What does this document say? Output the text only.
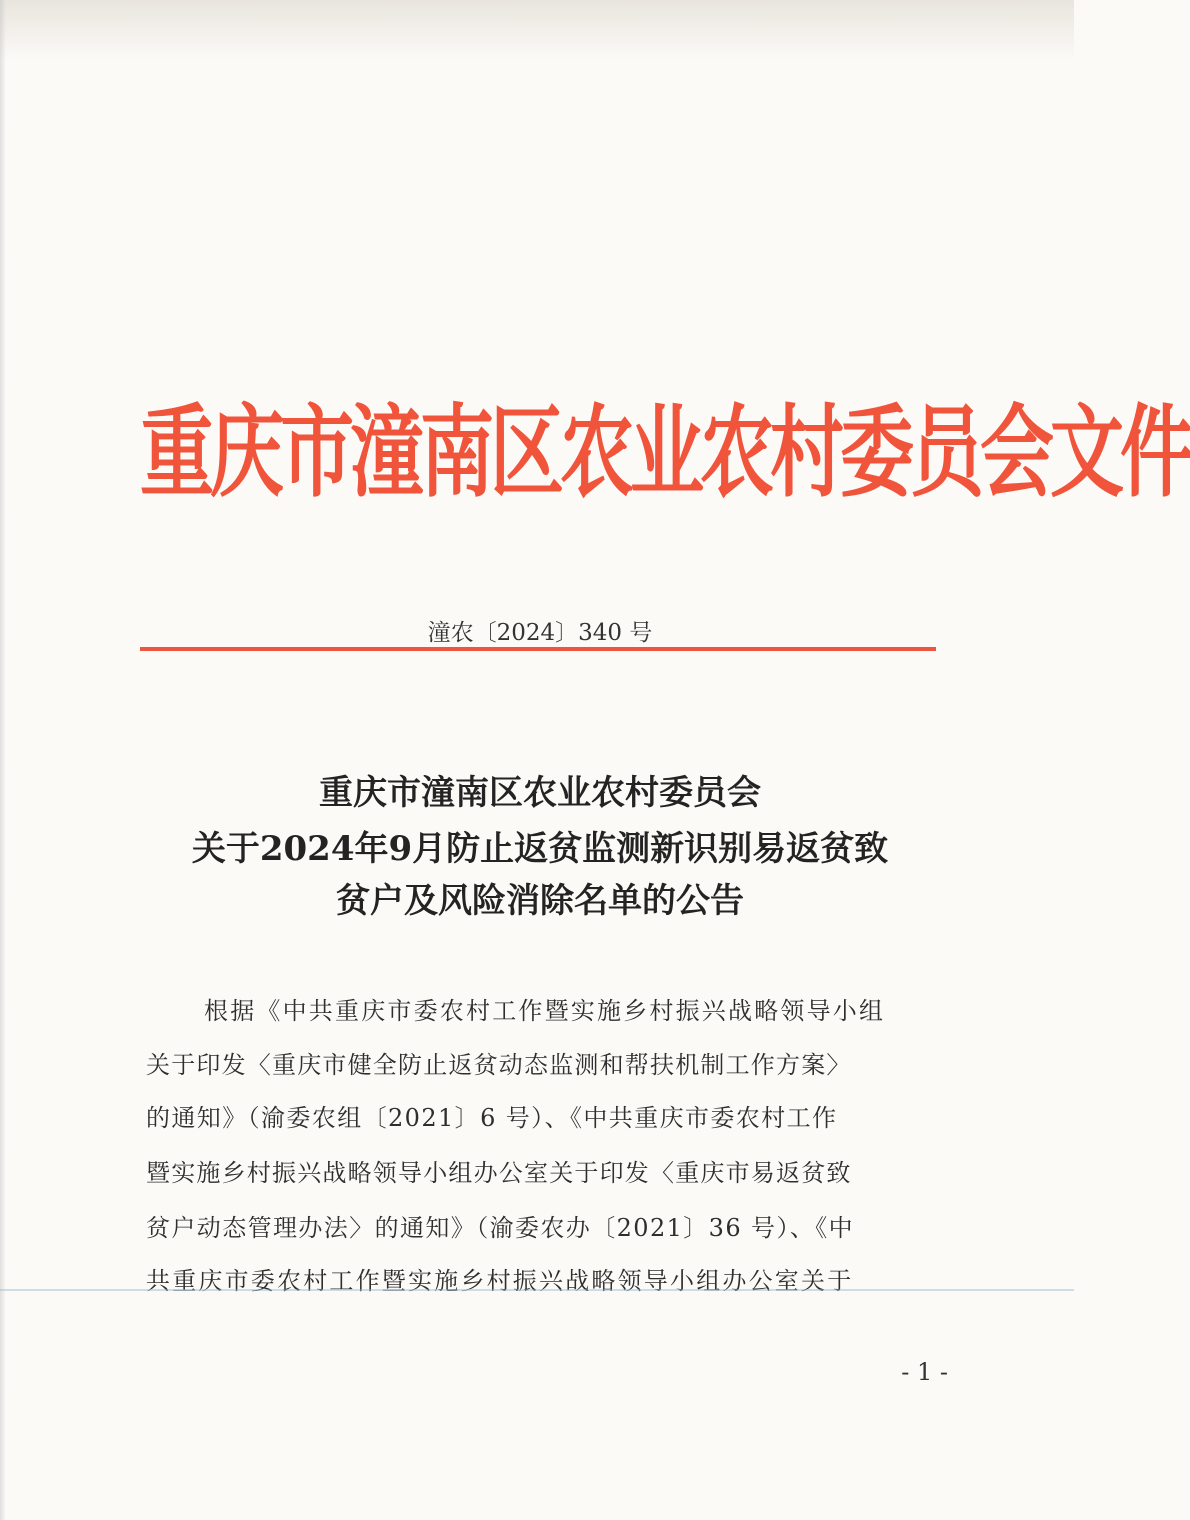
重庆市潼南区农业农村委员会文件
潼农〔2024〕340 号
重庆市潼南区农业农村委员会
关于2024年9月防止返贫监测新识别易返贫致
贫户及风险消除名单的公告
根据《中共重庆市委农村工作暨实施乡村振兴战略领导小组
关于印发〈重庆市健全防止返贫动态监测和帮扶机制工作方案〉
的通知》（渝委农组〔2021〕6 号）、《中共重庆市委农村工作
暨实施乡村振兴战略领导小组办公室关于印发〈重庆市易返贫致
贫户动态管理办法〉的通知》（渝委农办〔2021〕36 号）、《中
共重庆市委农村工作暨实施乡村振兴战略领导小组办公室关于
- 1 -
